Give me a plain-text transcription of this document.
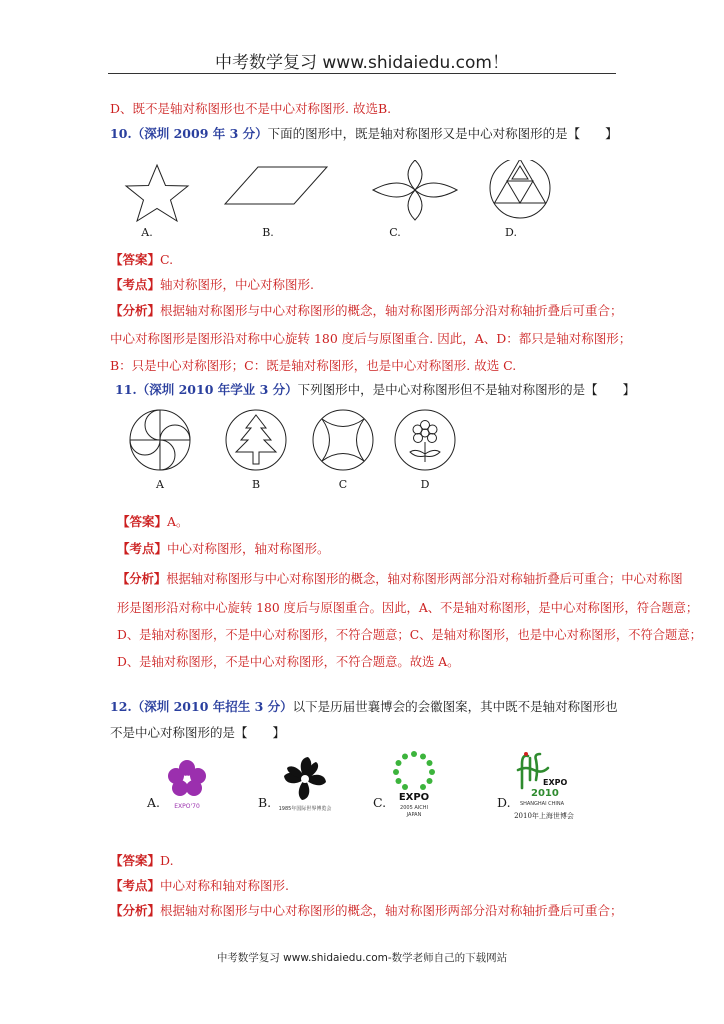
中考数学复习 www.shidaiedu.com！
D、既不是轴对称图形也不是中心对称图形. 故选B.
10.（深圳 2009 年 3 分）下面的图形中，既是轴对称图形又是中心对称图形的是【　　】
A.	B.	C.	D.
【答案】C.
【考点】轴对称图形，中心对称图形.
【分析】根据轴对称图形与中心对称图形的概念，轴对称图形两部分沿对称轴折叠后可重合；
中心对称图形是图形沿对称中心旋转 180 度后与原图重合. 因此，A、D：都只是轴对称图形；
B：只是中心对称图形；C：既是轴对称图形，也是中心对称图形. 故选 C.
11.（深圳 2010 年学业 3 分）下列图形中，是中心对称图形但不是轴对称图形的是【　　】
A	B	C	D
【答案】A。
【考点】中心对称图形，轴对称图形。
【分析】根据轴对称图形与中心对称图形的概念，轴对称图形两部分沿对称轴折叠后可重合；中心对称图
形是图形沿对称中心旋转 180 度后与原图重合。因此，A、不是轴对称图形，是中心对称图形，符合题意；
D、是轴对称图形，不是中心对称图形，不符合题意；C、是轴对称图形，也是中心对称图形，不符合题意；
D、是轴对称图形，不是中心对称图形，不符合题意。故选 A。
12.（深圳 2010 年招生 3 分）以下是历届世襄博会的会徽图案，其中既不是轴对称图形也
不是中心对称图形的是【　　】
A.	EXPO'70	B.	1985年国际世界博览会	C.	EXPO
2005 AICHI
JAPAN
D.
EXPO
2010
SHANGHAI CHINA
2010年上海世博会
【答案】D.
【考点】中心对称和轴对称图形.
【分析】根据轴对称图形与中心对称图形的概念，轴对称图形两部分沿对称轴折叠后可重合；
中考数学复习 www.shidaiedu.com-数学老师自己的下载网站
